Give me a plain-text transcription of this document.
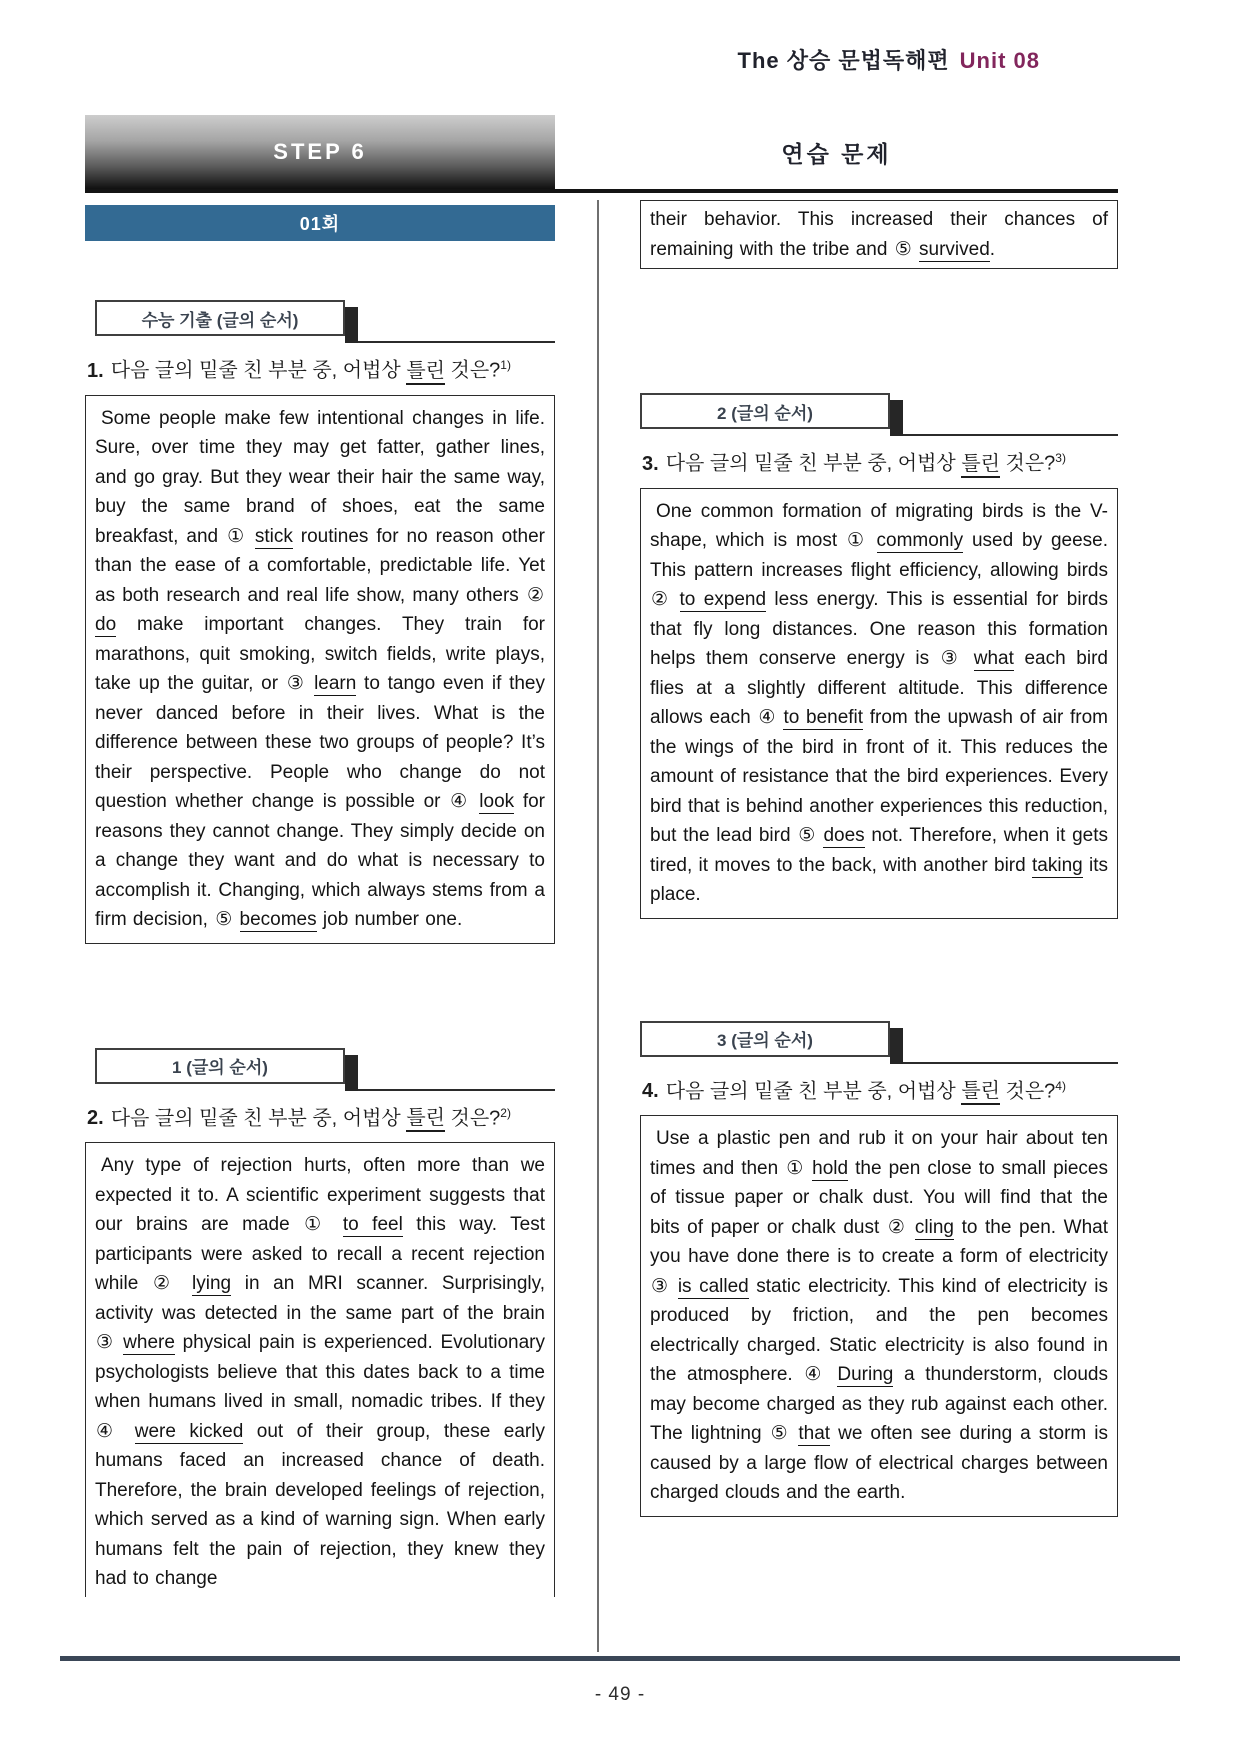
The 상승 문법독해편 Unit 08
STEP 6	연습 문제
01회
수능 기출 (글의 순서)
1. 다음 글의 밑줄 친 부분 중, 어법상 틀린 것은?$^{1)}$
Some people make few intentional changes in life. Sure, over time they may get fatter, gather lines, and go gray. But they wear their hair the same way, buy the same brand of shoes, eat the same breakfast, and ① stick routines for no reason other than the ease of a comfortable, predictable life. Yet as both research and real life show, many others ② do make important changes. They train for marathons, quit smoking, switch fields, write plays, take up the guitar, or ③ learn to tango even if they never danced before in their lives. What is the difference between these two groups of people? It’s their perspective. People who change do not question whether change is possible or ④ look for reasons they cannot change. They simply decide on a change they want and do what is necessary to accomplish it. Changing, which always stems from a firm decision, ⑤ becomes job number one.
1 (글의 순서)
2. 다음 글의 밑줄 친 부분 중, 어법상 틀린 것은?$^{2)}$
Any type of rejection hurts, often more than we expected it to. A scientific experiment suggests that our brains are made ① to feel this way. Test participants were asked to recall a recent rejection while ② lying in an MRI scanner. Surprisingly, activity was detected in the same part of the brain ③ where physical pain is experienced. Evolutionary psychologists believe that this dates back to a time when humans lived in small, nomadic tribes. If they ④ were kicked out of their group, these early humans faced an increased chance of death. Therefore, the brain developed feelings of rejection, which served as a kind of warning sign. When early humans felt the pain of rejection, they knew they had to change
their behavior. This increased their chances of remaining with the tribe and ⑤ survived.
2 (글의 순서)
3. 다음 글의 밑줄 친 부분 중, 어법상 틀린 것은?$^{3)}$
One common formation of migrating birds is the V-shape, which is most ① commonly used by geese. This pattern increases flight efficiency, allowing birds ② to expend less energy. This is essential for birds that fly long distances. One reason this formation helps them conserve energy is ③ what each bird flies at a slightly different altitude. This difference allows each ④ to benefit from the upwash of air from the wings of the bird in front of it. This reduces the amount of resistance that the bird experiences. Every bird that is behind another experiences this reduction, but the lead bird ⑤ does not. Therefore, when it gets tired, it moves to the back, with another bird taking its place.
3 (글의 순서)
4. 다음 글의 밑줄 친 부분 중, 어법상 틀린 것은?$^{4)}$
Use a plastic pen and rub it on your hair about ten times and then ① hold the pen close to small pieces of tissue paper or chalk dust. You will find that the bits of paper or chalk dust ② cling to the pen. What you have done there is to create a form of electricity ③ is called static electricity. This kind of electricity is produced by friction, and the pen becomes electrically charged. Static electricity is also found in the atmosphere. ④ During a thunderstorm, clouds may become charged as they rub against each other. The lightning ⑤ that we often see during a storm is caused by a large flow of electrical charges between charged clouds and the earth.
- 49 -
